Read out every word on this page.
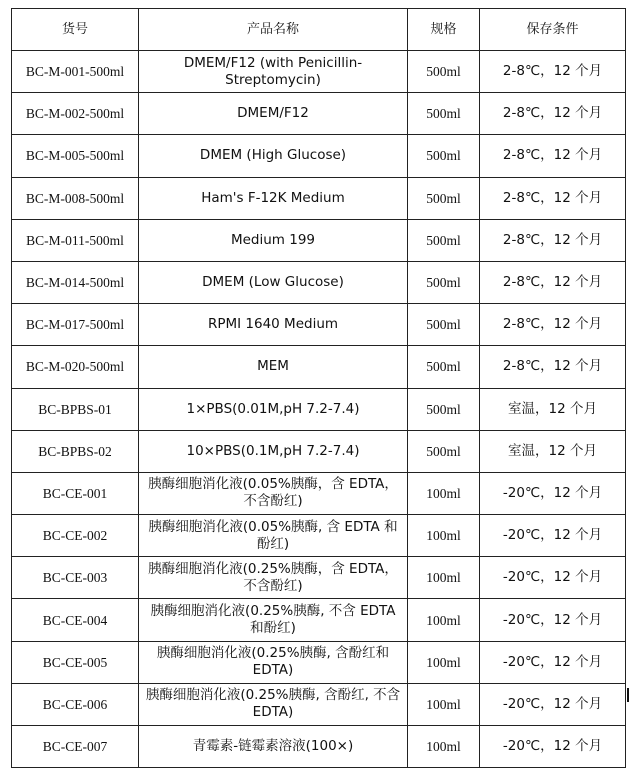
货号	产品名称	规格	保存条件
BC-M-001-500ml	DMEM/F12 (with Penicillin-Streptomycin)	500ml	2-8℃，12 个月
BC-M-002-500ml	DMEM/F12	500ml	2-8℃，12 个月
BC-M-005-500ml	DMEM (High Glucose)	500ml	2-8℃，12 个月
BC-M-008-500ml	Ham's F-12K Medium	500ml	2-8℃，12 个月
BC-M-011-500ml	Medium 199	500ml	2-8℃，12 个月
BC-M-014-500ml	DMEM (Low Glucose)	500ml	2-8℃，12 个月
BC-M-017-500ml	RPMI 1640 Medium	500ml	2-8℃，12 个月
BC-M-020-500ml	MEM	500ml	2-8℃，12 个月
BC-BPBS-01	1×PBS(0.01M,pH 7.2-7.4)	500ml	室温，12 个月
BC-BPBS-02	10×PBS(0.1M,pH 7.2-7.4)	500ml	室温，12 个月
BC-CE-001	胰酶细胞消化液(0.05%胰酶，含 EDTA，不含酚红)	100ml	-20℃，12 个月
BC-CE-002	胰酶细胞消化液(0.05%胰酶, 含 EDTA 和酚红)	100ml	-20℃，12 个月
BC-CE-003	胰酶细胞消化液(0.25%胰酶，含 EDTA，不含酚红)	100ml	-20℃，12 个月
BC-CE-004	胰酶细胞消化液(0.25%胰酶, 不含 EDTA 和酚红)	100ml	-20℃，12 个月
BC-CE-005	胰酶细胞消化液(0.25%胰酶, 含酚红和 EDTA)	100ml	-20℃，12 个月
BC-CE-006	胰酶细胞消化液(0.25%胰酶, 含酚红, 不含 EDTA)	100ml	-20℃，12 个月
BC-CE-007	青霉素-链霉素溶液(100×)	100ml	-20℃，12 个月
